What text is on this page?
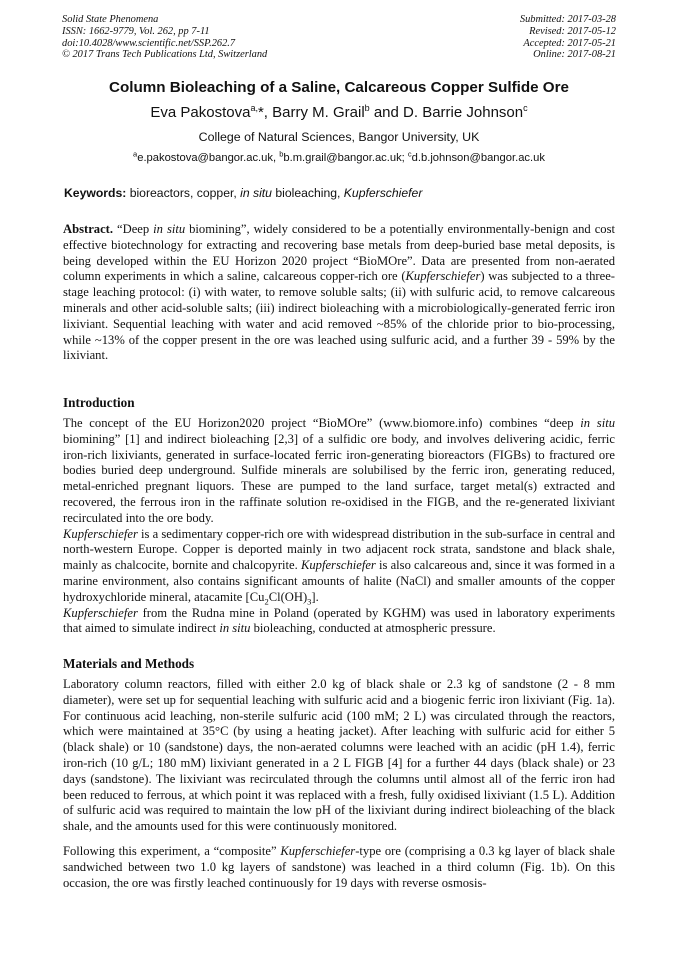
Solid State Phenomena
ISSN: 1662-9779, Vol. 262, pp 7-11
doi:10.4028/www.scientific.net/SSP.262.7
© 2017 Trans Tech Publications Ltd, Switzerland
Submitted: 2017-03-28
Revised: 2017-05-12
Accepted: 2017-05-21
Online: 2017-08-21
Column Bioleaching of a Saline, Calcareous Copper Sulfide Ore
Eva Pakostova$^{a,}$*, Barry M. Grail$^b$ and D. Barrie Johnson$^c$
College of Natural Sciences, Bangor University, UK
$^a$e.pakostova@bangor.ac.uk, $^b$b.m.grail@bangor.ac.uk; $^c$d.b.johnson@bangor.ac.uk
Keywords: bioreactors, copper, in situ bioleaching, Kupferschiefer

Abstract. “Deep in situ biomining”, widely considered to be a potentially environmentally-benign and cost effective biotechnology for extracting and recovering base metals from deep-buried base metal deposits, is being developed within the EU Horizon 2020 project “BioMOre”. Data are presented from non-aerated column experiments in which a saline, calcareous copper-rich ore (Kupferschiefer) was subjected to a three-stage leaching protocol: (i) with water, to remove soluble salts; (ii) with sulfuric acid, to remove calcareous minerals and other acid-soluble salts; (iii) indirect bioleaching with a microbiologically-generated ferric iron lixiviant. Sequential leaching with water and acid removed ~85% of the chloride prior to bio-processing, while ~13% of the copper present in the ore was leached using sulfuric acid, and a further 39 - 59% by the lixiviant.

Introduction

The concept of the EU Horizon2020 project “BioMOre” (www.biomore.info) combines “deep in situ biomining” [1] and indirect bioleaching [2,3] of a sulfidic ore body, and involves delivering acidic, ferric iron-rich lixiviants, generated in surface-located ferric iron-generating bioreactors (FIGBs) to fractured ore bodies buried deep underground. Sulfide minerals are solubilised by the ferric iron, generating reduced, metal-enriched pregnant liquors. These are pumped to the land surface, target metal(s) extracted and recovered, the ferrous iron in the raffinate solution re-oxidised in the FIGB, and the re-generated lixiviant recirculated into the ore body.

Kupferschiefer is a sedimentary copper-rich ore with widespread distribution in the sub-surface in central and north-western Europe. Copper is deported mainly in two adjacent rock strata, sandstone and black shale, mainly as chalcocite, bornite and chalcopyrite. Kupferschiefer is also calcareous and, since it was formed in a marine environment, also contains significant amounts of halite (NaCl) and smaller amounts of the copper hydroxychloride mineral, atacamite $[Cu_2Cl(OH)_3]$.

Kupferschiefer from the Rudna mine in Poland (operated by KGHM) was used in laboratory experiments that aimed to simulate indirect in situ bioleaching, conducted at atmospheric pressure.

Materials and Methods

Laboratory column reactors, filled with either 2.0 kg of black shale or 2.3 kg of sandstone (2 - 8 mm diameter), were set up for sequential leaching with sulfuric acid and a biogenic ferric iron lixiviant (Fig. 1a). For continuous acid leaching, non-sterile sulfuric acid (100 mM; 2 L) was circulated through the reactors, which were maintained at 35°C (by using a heating jacket). After leaching with sulfuric acid for either 5 (black shale) or 10 (sandstone) days, the non-aerated columns were leached with an acidic (pH 1.4), ferric iron-rich (10 g/L; 180 mM) lixiviant generated in a 2 L FIGB [4] for a further 44 days (black shale) or 23 days (sandstone). The lixiviant was recirculated through the columns until almost all of the ferric iron had been reduced to ferrous, at which point it was replaced with a fresh, fully oxidised lixiviant (1.5 L). Addition of sulfuric acid was required to maintain the low pH of the lixiviant during indirect bioleaching of the black shale, and the amounts used for this were continuously monitored.

Following this experiment, a “composite” Kupferschiefer-type ore (comprising a 0.3 kg layer of black shale sandwiched between two 1.0 kg layers of sandstone) was leached in a third column (Fig. 1b). On this occasion, the ore was firstly leached continuously for 19 days with reverse osmosis-
